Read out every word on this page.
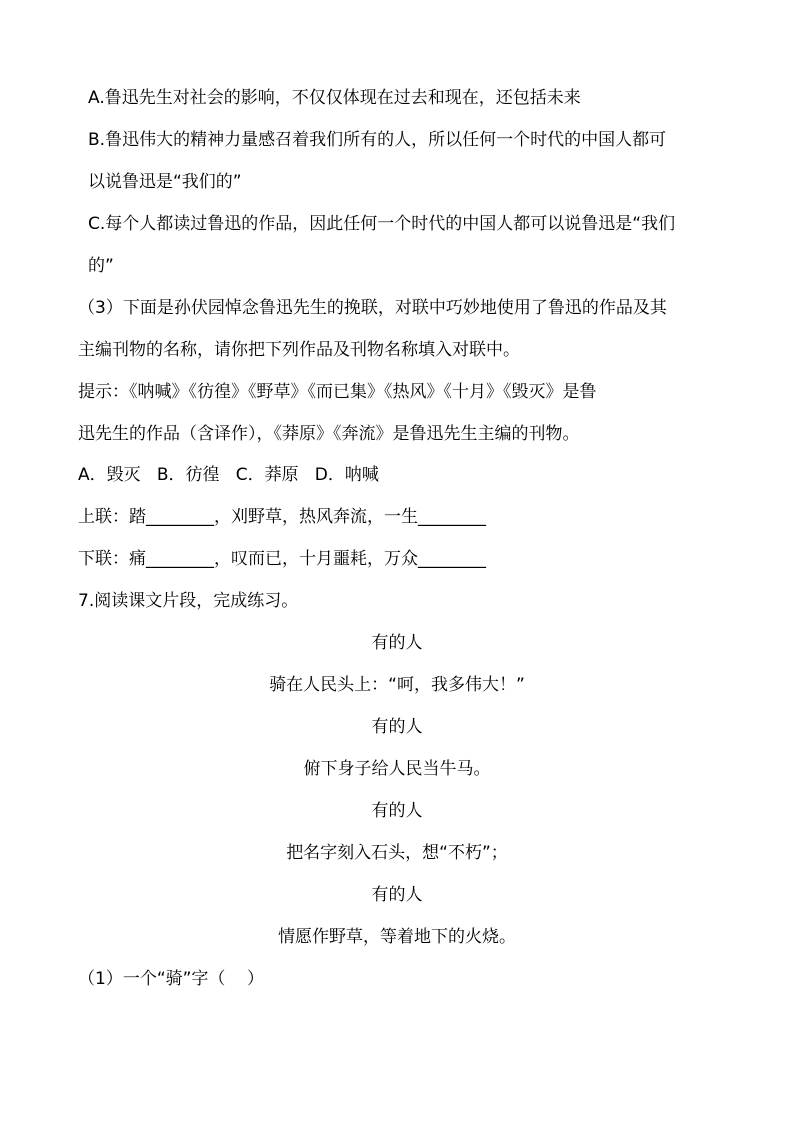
A.鲁迅先生对社会的影响，不仅仅体现在过去和现在，还包括未来
B.鲁迅伟大的精神力量感召着我们所有的人，所以任何一个时代的中国人都可
以说鲁迅是“我们的”
C.每个人都读过鲁迅的作品，因此任何一个时代的中国人都可以说鲁迅是“我们
的”
（3）下面是孙伏园悼念鲁迅先生的挽联，对联中巧妙地使用了鲁迅的作品及其
主编刊物的名称，请你把下列作品及刊物名称填入对联中。
提示：《呐喊》《彷徨》《野草》《而已集》《热风》《十月》《毁灭》是鲁
迅先生的作品（含译作），《莽原》《奔流》是鲁迅先生主编的刊物。
A．毁灭   B．彷徨   C．莽原   D．呐喊
上联：踏________，刈野草，热风奔流，一生________
下联：痛________，叹而已，十月噩耗，万众________
7.阅读课文片段，完成练习。
有的人
骑在人民头上：“呵，我多伟大！”
有的人
俯下身子给人民当牛马。
有的人
把名字刻入石头，想“不朽”；
有的人
情愿作野草，等着地下的火烧。
（1）一个“骑”字（    ）
